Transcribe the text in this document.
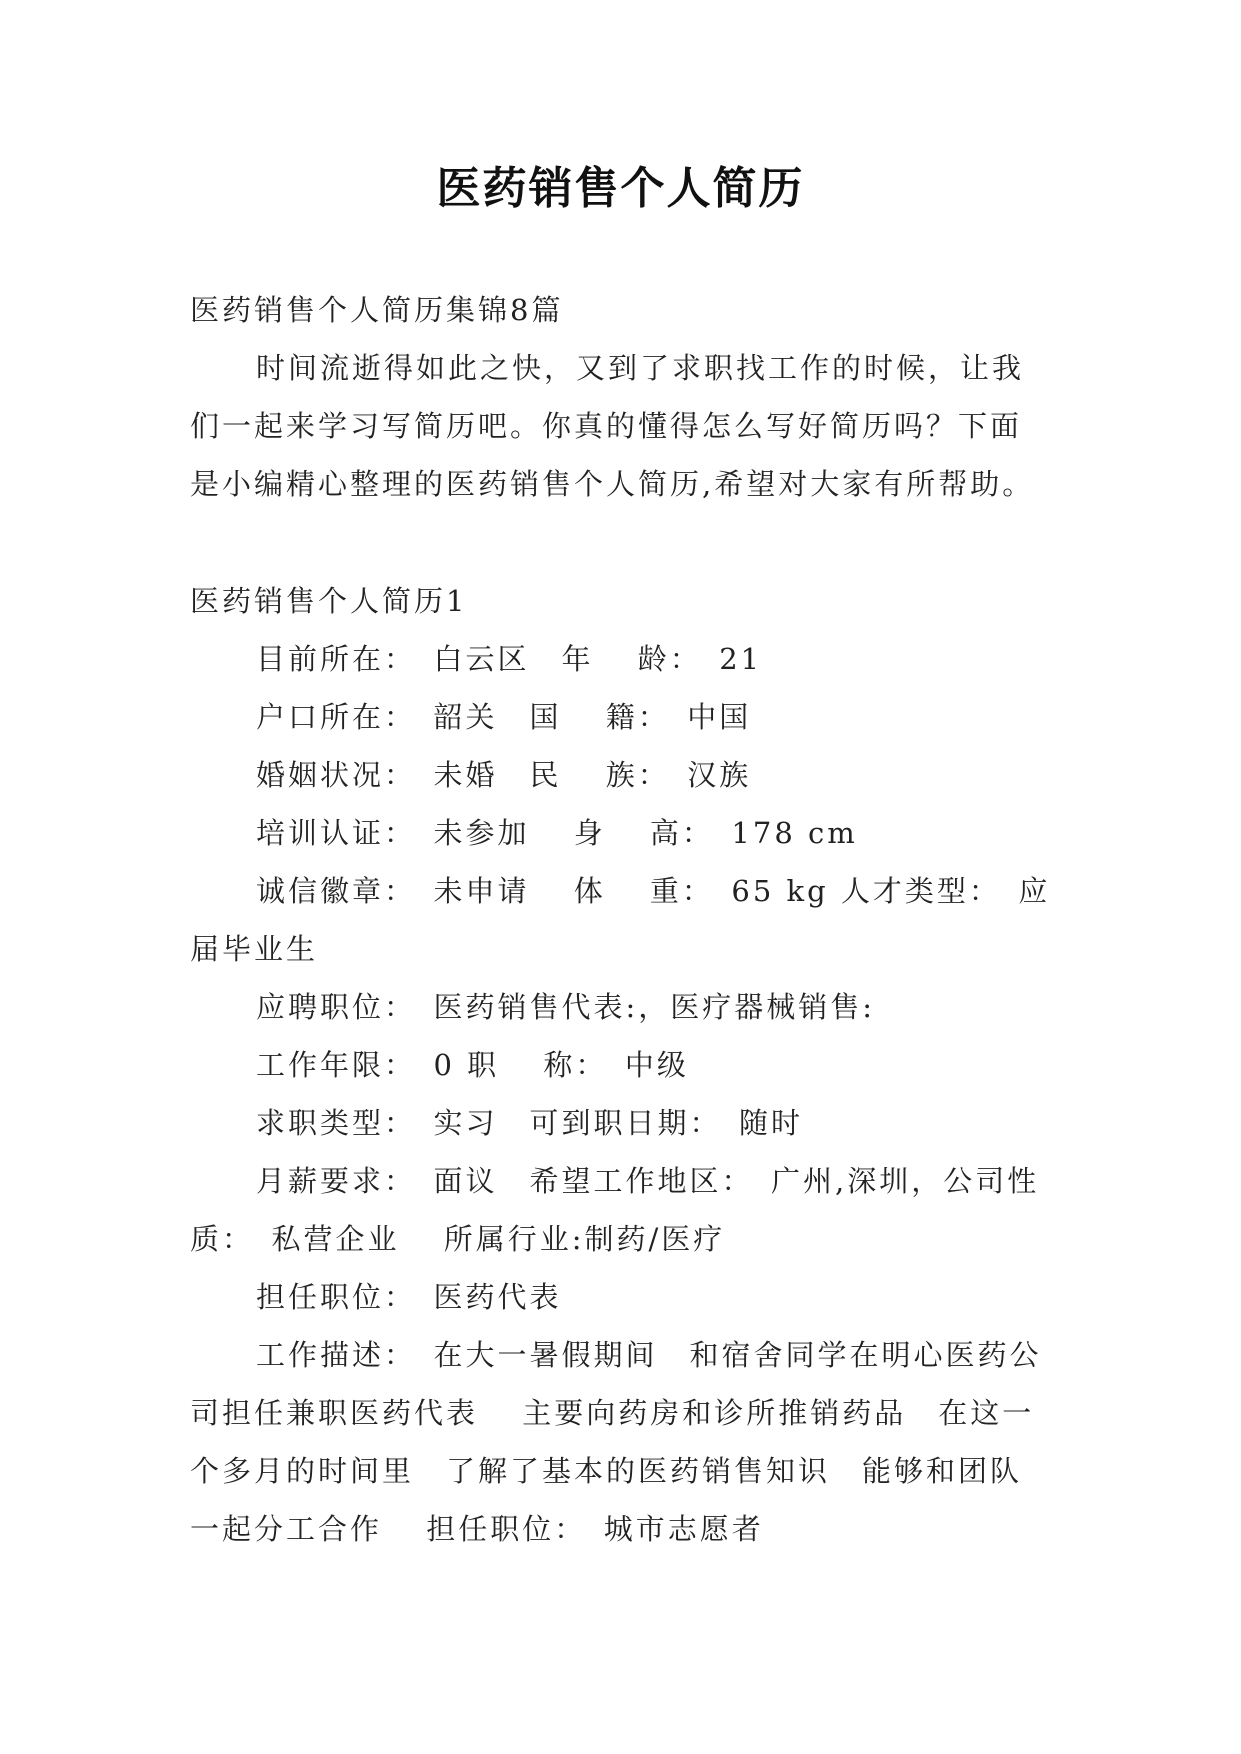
医药销售个人简历
医药销售个人简历集锦8篇
时间流逝得如此之快，又到了求职找工作的时候，让我
们一起来学习写简历吧。你真的懂得怎么写好简历吗？下面
是小编精心整理的医药销售个人简历,希望对大家有所帮助。
医药销售个人简历1
目前所在：　白云区　年　 龄：　21
户口所在：　韶关　国　 籍：　中国
婚姻状况：　未婚　民　 族：　汉族
培训认证：　未参加　 身　 高：　178 cm
诚信徽章：　未申请　 体　 重：　65 kg 人才类型：　应
届毕业生
应聘职位：　医药销售代表:，医疗器械销售:
工作年限：　0 职　 称：　中级
求职类型：　实习　可到职日期：　随时
月薪要求：　面议　希望工作地区：　广州,深圳，公司性
质：　私营企业　 所属行业:制药/医疗
担任职位：　医药代表
工作描述：　在大一暑假期间　和宿舍同学在明心医药公
司担任兼职医药代表　 主要向药房和诊所推销药品　在这一
个多月的时间里　了解了基本的医药销售知识　能够和团队
一起分工合作　 担任职位：　城市志愿者
